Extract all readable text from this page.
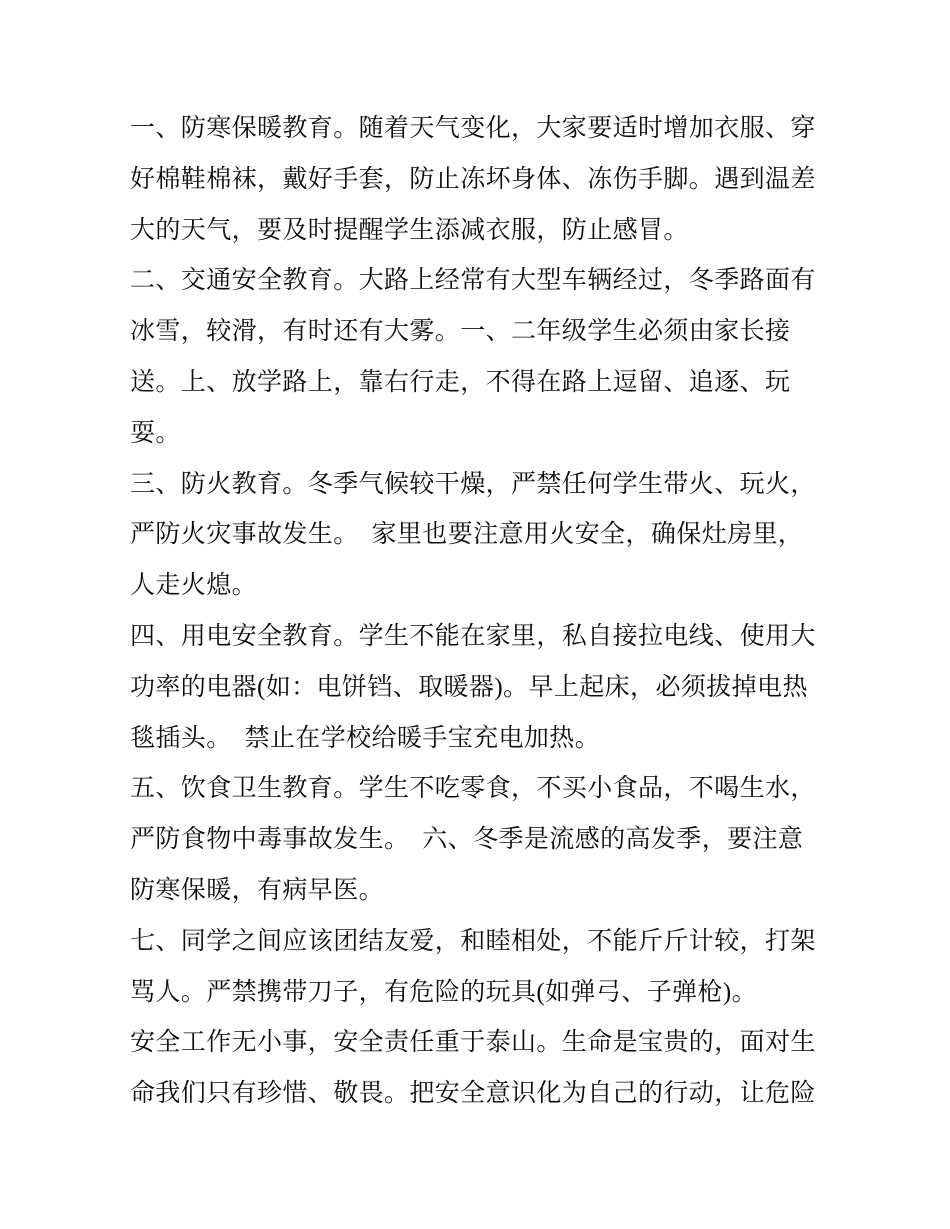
一、防寒保暖教育。随着天气变化，大家要适时增加衣服、穿
好棉鞋棉袜，戴好手套，防止冻坏身体、冻伤手脚。遇到温差
大的天气，要及时提醒学生添减衣服，防止感冒。
二、交通安全教育。大路上经常有大型车辆经过，冬季路面有
冰雪，较滑，有时还有大雾。一、二年级学生必须由家长接
送。上、放学路上，靠右行走，不得在路上逗留、追逐、玩
耍。
三、防火教育。冬季气候较干燥，严禁任何学生带火、玩火，
严防火灾事故发生。　家里也要注意用火安全，确保灶房里，
人走火熄。
四、用电安全教育。学生不能在家里，私自接拉电线、使用大
功率的电器(如：电饼铛、取暖器)。早上起床，必须拔掉电热
毯插头。　禁止在学校给暖手宝充电加热。
五、饮食卫生教育。学生不吃零食，不买小食品，不喝生水，
严防食物中毒事故发生。　六、冬季是流感的高发季，要注意
防寒保暖，有病早医。
七、同学之间应该团结友爱，和睦相处，不能斤斤计较，打架
骂人。严禁携带刀子，有危险的玩具(如弹弓、子弹枪)。
安全工作无小事，安全责任重于泰山。生命是宝贵的，面对生
命我们只有珍惜、敬畏。把安全意识化为自己的行动，让危险
